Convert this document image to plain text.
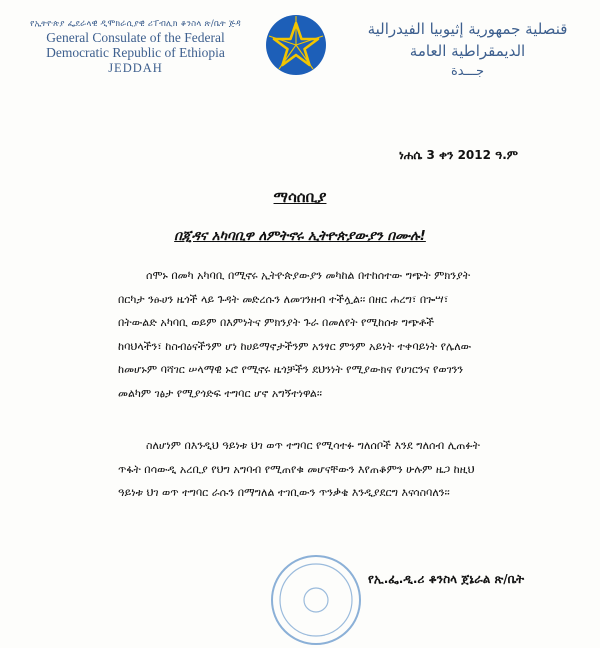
የኢትዮጵያ ፌደራላዊ ዲሞክራሲያዊ ሪፐብሊክ ቆንስላ ጽ/ቤት ጅዳ
General Consulate of the Federal
Democratic Republic of Ethiopia
JEDDAH
قنصلية جمهورية إثيوبيا الفيدرالية
الديمقراطية العامة
جـــدة
ነሐሴ 3 ቀን 2012 ዓ.ም
ማሳሰቢያ
በጂዳና አካባቢዋ ለምትኖሩ ኢትዮጵያውያን በሙሉ!
ሰሞኑ በመካ አካባቢ በሚኖሩ ኢትዮጵያውያን መካከል በተከሰተው ግጭት ምክንያት
በርካታ ንፁሀን ዜጎች ላይ ጉዳት መድረሱን ለመገንዘብ ተችሏል፡፡ በዘር ሐረግ፣ በጐሣ፣
በትውልድ አካባቢ ወይም በእምነትና ምክንያት ጉራ በመለየት የሚከሰቱ ግጭቶች
ከባህላችን፣ ከስብዕናችንም ሆነ ከሀይማኖታችንም አንፃር ምንም አይነት ተቀባይነት የሌለው
ከመሆኑም ባሻገር ሠላማዊ ኑሮ የሚኖሩ ዜጎቻችን ደህንነት የሚያውክና የሀገርንና የወገንን
መልካም ገፅታ የሚያጎድፍ ተግባር ሆኖ አግኝተነዋል፡፡
ስለሆነም በእንዲህ ዓይነቱ ህገ ወጥ ተግባር የሚሳተፉ ግለሰቦች እንደ ግለሰብ ሊጠፉት
ጥፋት በሳውዲ አረቢያ የህግ አግባብ የሚጠየቁ መሆናቸውን እየጠቆምን ሁሉም ዜጋ ከዚህ
ዓይነቱ ህገ ወጥ ተግባር ራሱን በማግለል ተገቢውን ጥንቃቄ እንዲያደርግ እናሳስባለን፡፡
የኢ.ፌ.ዲ.ሪ ቆንስላ ጀኔራል ጽ/ቤት
